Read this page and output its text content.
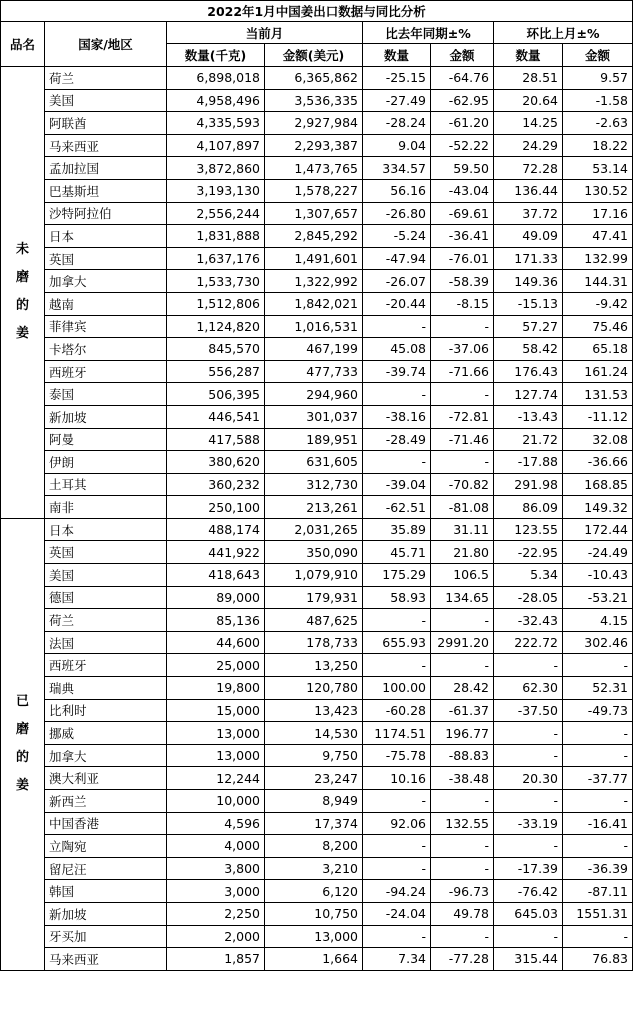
2022年1月中国姜出口数据与同比分析							
品名	国家/地区	当前月		比去年同期±%		环比上月±%	
		数量(千克)	金额(美元)	数量	金额	数量	金额

未
磨
的
姜	荷兰	6,898,018	6,365,862	-25.15	-64.76	28.51	9.57
	美国	4,958,496	3,536,335	-27.49	-62.95	20.64	-1.58
	阿联酋	4,335,593	2,927,984	-28.24	-61.20	14.25	-2.63
	马来西亚	4,107,897	2,293,387	9.04	-52.22	24.29	18.22
	孟加拉国	3,872,860	1,473,765	334.57	59.50	72.28	53.14
	巴基斯坦	3,193,130	1,578,227	56.16	-43.04	136.44	130.52
	沙特阿拉伯	2,556,244	1,307,657	-26.80	-69.61	37.72	17.16
	日本	1,831,888	2,845,292	-5.24	-36.41	49.09	47.41
	英国	1,637,176	1,491,601	-47.94	-76.01	171.33	132.99
	加拿大	1,533,730	1,322,992	-26.07	-58.39	149.36	144.31
	越南	1,512,806	1,842,021	-20.44	-8.15	-15.13	-9.42
	菲律宾	1,124,820	1,016,531	-	-	57.27	75.46
	卡塔尔	845,570	467,199	45.08	-37.06	58.42	65.18
	西班牙	556,287	477,733	-39.74	-71.66	176.43	161.24
	泰国	506,395	294,960	-	-	127.74	131.53
	新加坡	446,541	301,037	-38.16	-72.81	-13.43	-11.12
	阿曼	417,588	189,951	-28.49	-71.46	21.72	32.08
	伊朗	380,620	631,605	-	-	-17.88	-36.66
	土耳其	360,232	312,730	-39.04	-70.82	291.98	168.85
	南非	250,100	213,261	-62.51	-81.08	86.09	149.32

已
磨
的
姜	日本	488,174	2,031,265	35.89	31.11	123.55	172.44
	英国	441,922	350,090	45.71	21.80	-22.95	-24.49
	美国	418,643	1,079,910	175.29	106.5	5.34	-10.43
	德国	89,000	179,931	58.93	134.65	-28.05	-53.21
	荷兰	85,136	487,625	-	-	-32.43	4.15
	法国	44,600	178,733	655.93	2991.20	222.72	302.46
	西班牙	25,000	13,250	-	-	-	-
	瑞典	19,800	120,780	100.00	28.42	62.30	52.31
	比利时	15,000	13,423	-60.28	-61.37	-37.50	-49.73
	挪威	13,000	14,530	1174.51	196.77	-	-
	加拿大	13,000	9,750	-75.78	-88.83	-	-
	澳大利亚	12,244	23,247	10.16	-38.48	20.30	-37.77
	新西兰	10,000	8,949	-	-	-	-
	中国香港	4,596	17,374	92.06	132.55	-33.19	-16.41
	立陶宛	4,000	8,200	-	-	-	-
	留尼汪	3,800	3,210	-	-	-17.39	-36.39
	韩国	3,000	6,120	-94.24	-96.73	-76.42	-87.11
	新加坡	2,250	10,750	-24.04	49.78	645.03	1551.31
	牙买加	2,000	13,000	-	-	-	-
	马来西亚	1,857	1,664	7.34	-77.28	315.44	76.83
